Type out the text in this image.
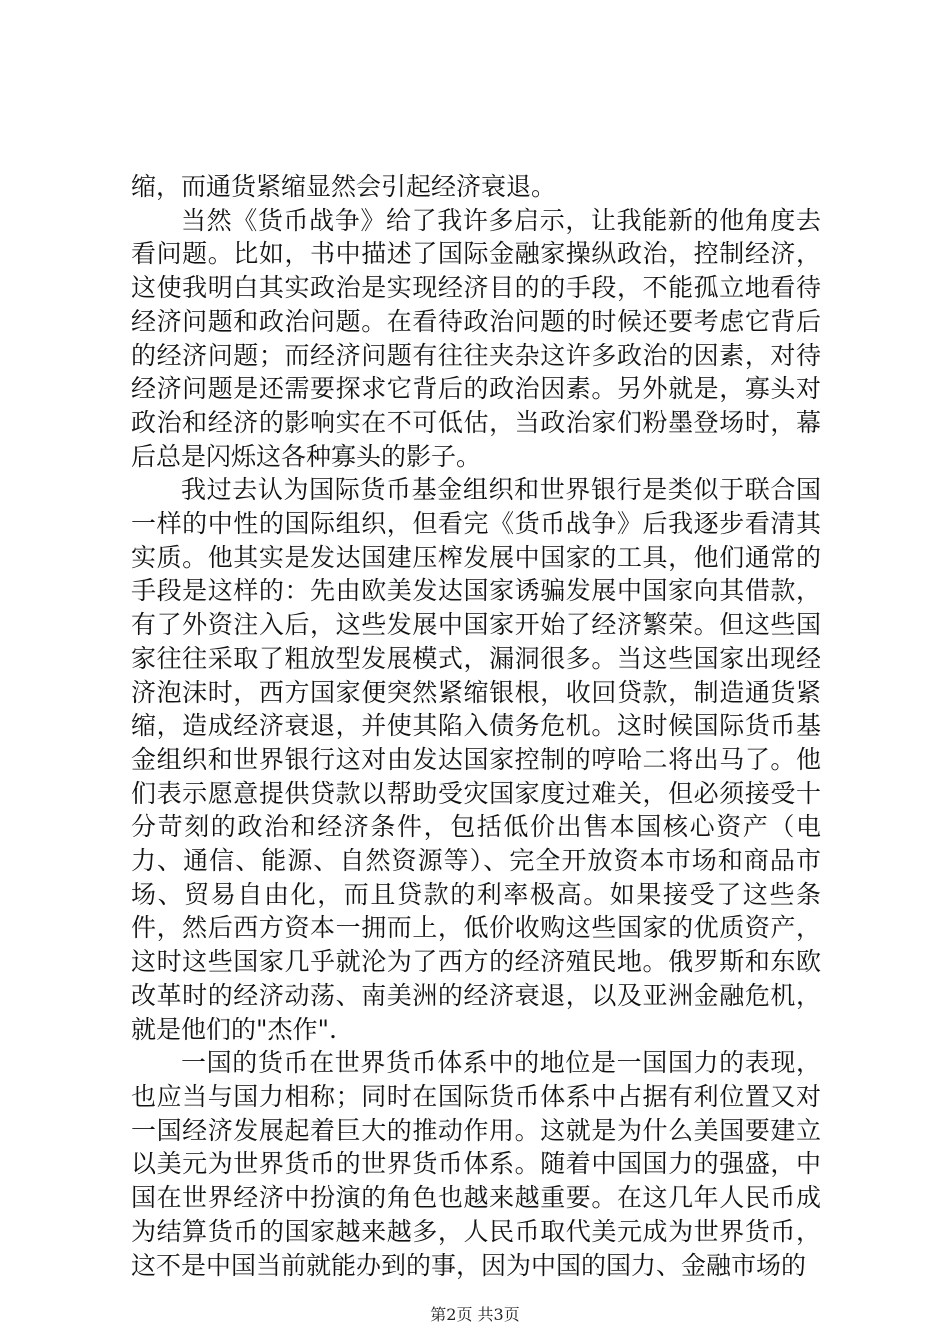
缩，而通货紧缩显然会引起经济衰退。

当然《货币战争》给了我许多启示，让我能新的他角度去看问题。比如，书中描述了国际金融家操纵政治，控制经济，这使我明白其实政治是实现经济目的的手段，不能孤立地看待经济问题和政治问题。在看待政治问题的时候还要考虑它背后的经济问题；而经济问题有往往夹杂这许多政治的因素，对待经济问题是还需要探求它背后的政治因素。另外就是，寡头对政治和经济的影响实在不可低估，当政治家们粉墨登场时，幕后总是闪烁这各种寡头的影子。

我过去认为国际货币基金组织和世界银行是类似于联合国一样的中性的国际组织，但看完《货币战争》后我逐步看清其实质。他其实是发达国建压榨发展中国家的工具，他们通常的手段是这样的：先由欧美发达国家诱骗发展中国家向其借款，有了外资注入后，这些发展中国家开始了经济繁荣。但这些国家往往采取了粗放型发展模式，漏洞很多。当这些国家出现经济泡沫时，西方国家便突然紧缩银根，收回贷款，制造通货紧缩，造成经济衰退，并使其陷入债务危机。这时候国际货币基金组织和世界银行这对由发达国家控制的哼哈二将出马了。他们表示愿意提供贷款以帮助受灾国家度过难关，但必须接受十分苛刻的政治和经济条件，包括低价出售本国核心资产（电力、通信、能源、自然资源等）、完全开放资本市场和商品市场、贸易自由化，而且贷款的利率极高。如果接受了这些条件，然后西方资本一拥而上，低价收购这些国家的优质资产，这时这些国家几乎就沦为了西方的经济殖民地。俄罗斯和东欧改革时的经济动荡、南美洲的经济衰退，以及亚洲金融危机，就是他们的"杰作".

一国的货币在世界货币体系中的地位是一国国力的表现，也应当与国力相称；同时在国际货币体系中占据有利位置又对一国经济发展起着巨大的推动作用。这就是为什么美国要建立以美元为世界货币的世界货币体系。随着中国国力的强盛，中国在世界经济中扮演的角色也越来越重要。在这几年人民币成为结算货币的国家越来越多，人民币取代美元成为世界货币，这不是中国当前就能办到的事，因为中国的国力、金融市场的

第2页 共3页
